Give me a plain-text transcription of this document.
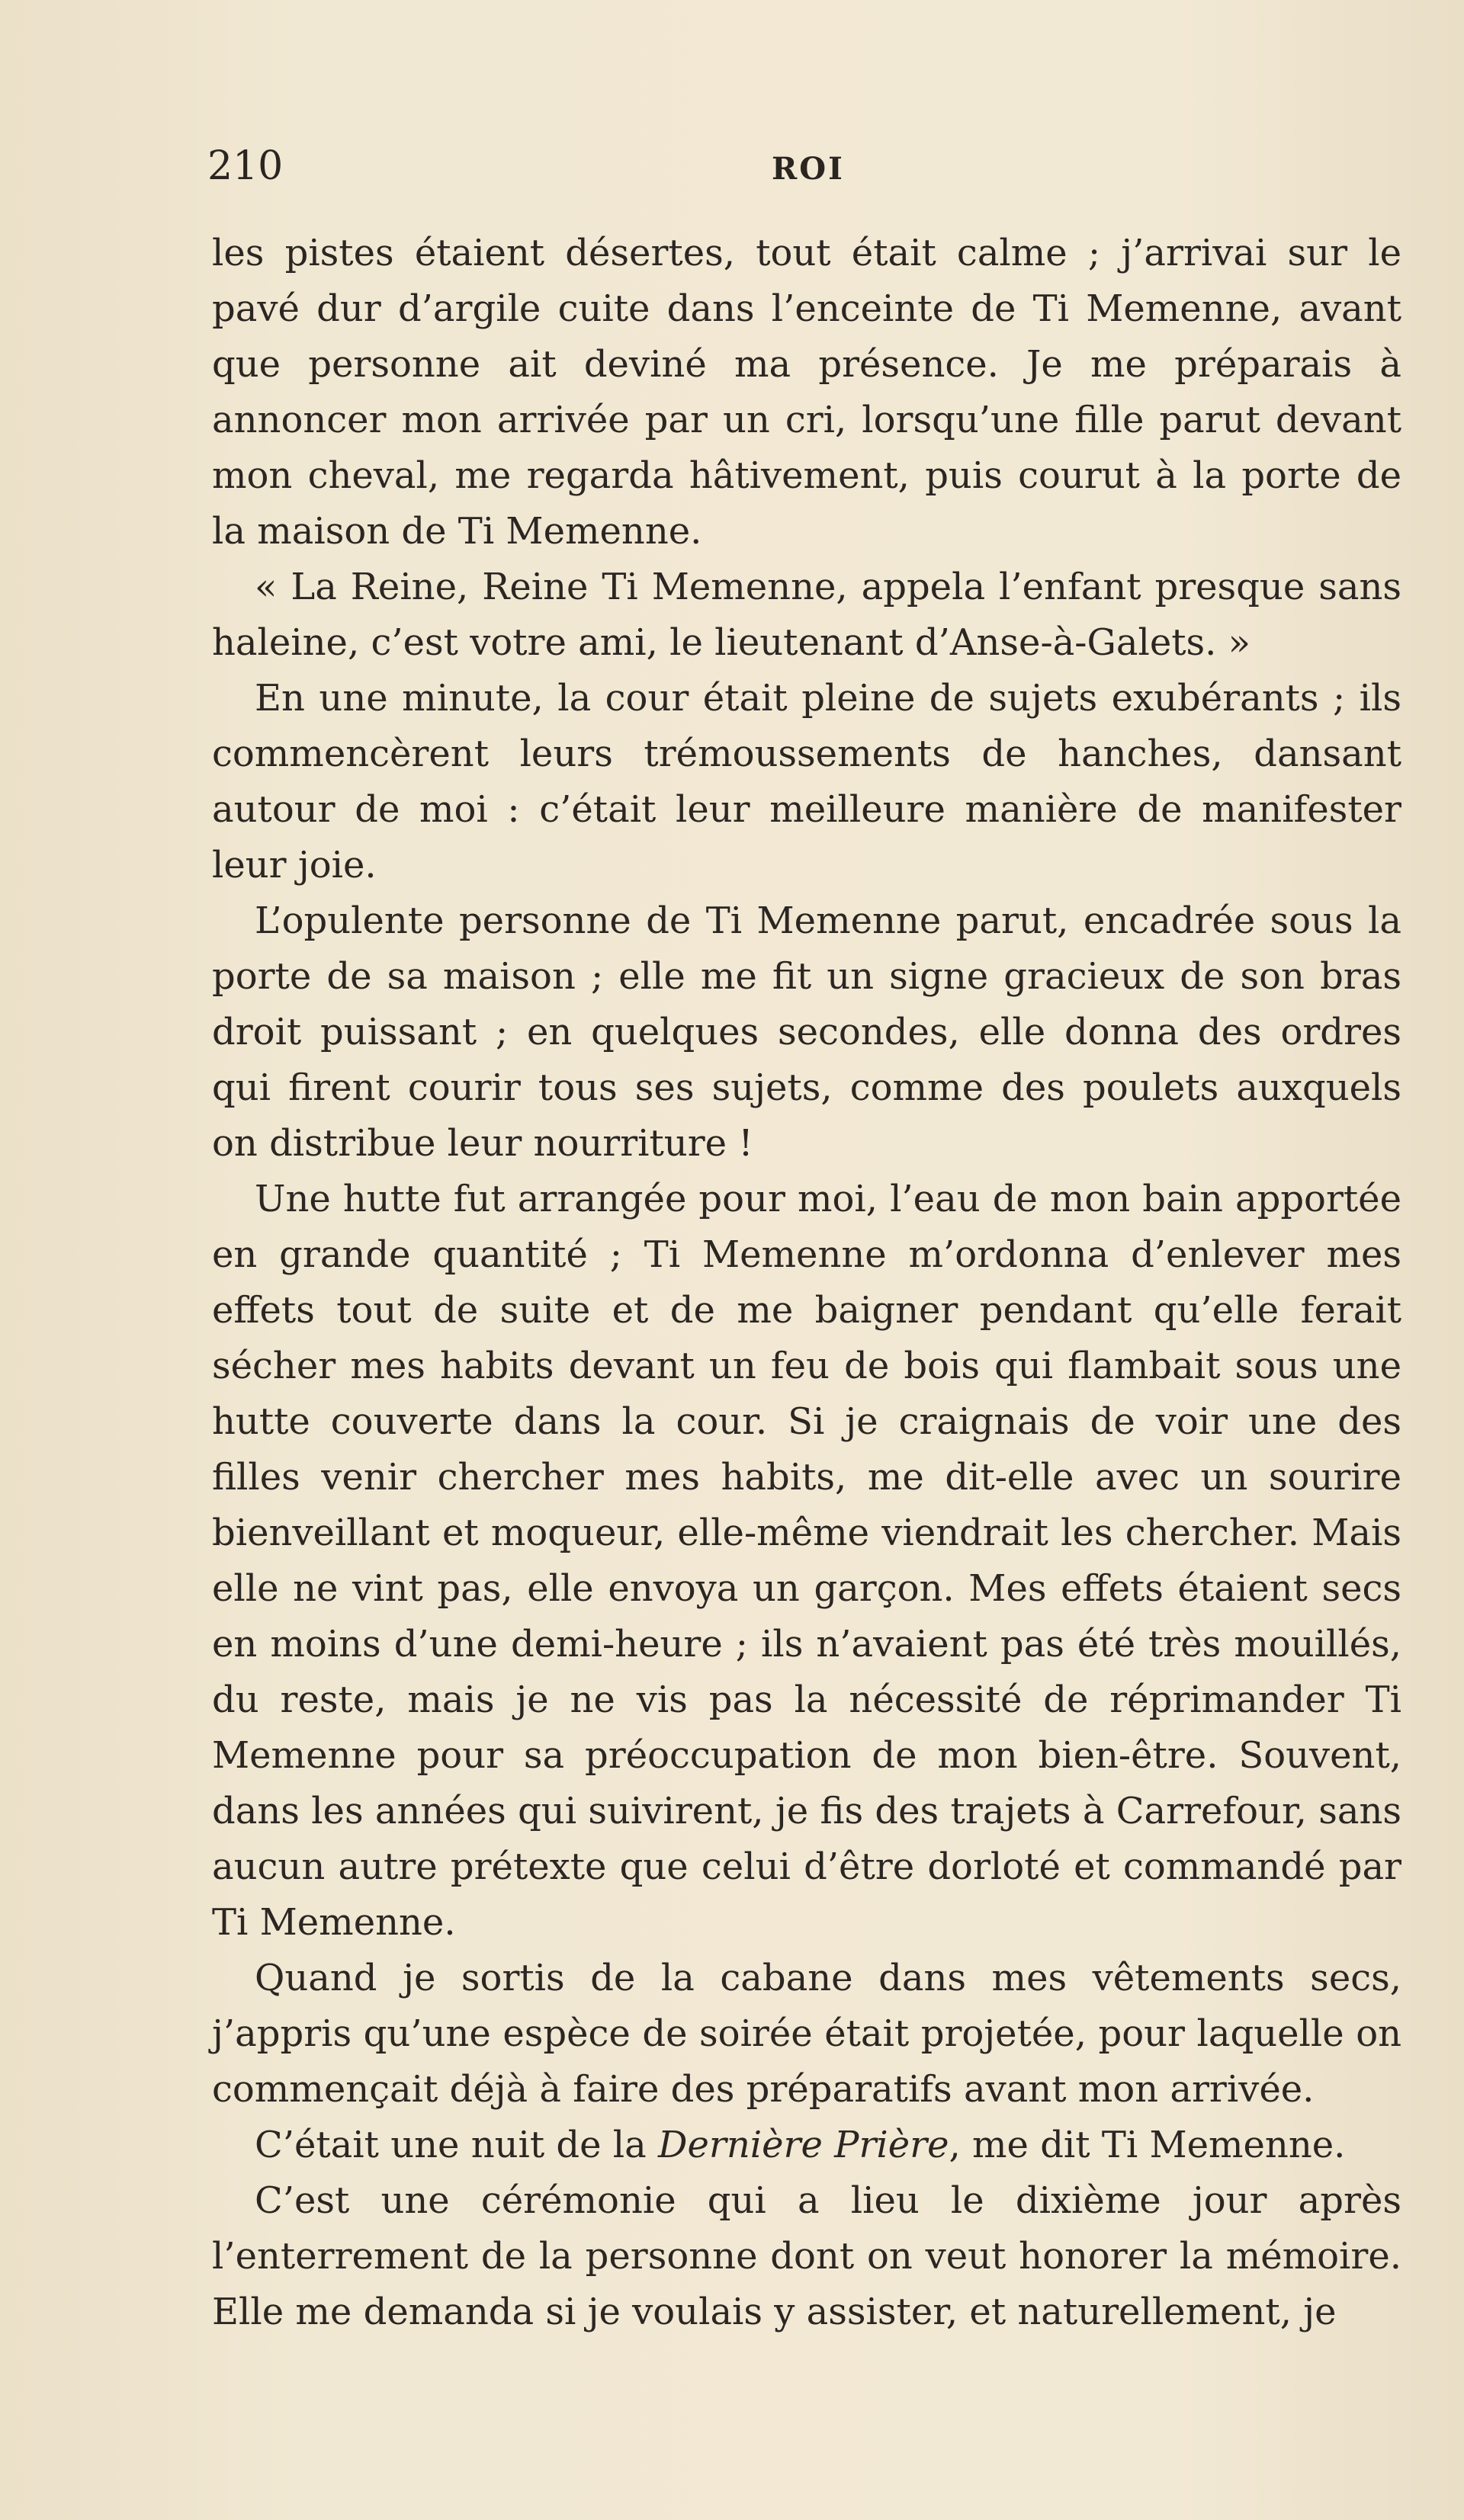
210	ROI

les pistes étaient désertes, tout était calme ; j’arrivai sur le pavé dur d’argile cuite dans l’enceinte de Ti Memenne, avant que personne ait deviné ma présence. Je me préparais à annoncer mon arrivée par un cri, lorsqu’une fille parut devant mon cheval, me regarda hâtivement, puis courut à la porte de la maison de Ti Memenne.

« La Reine, Reine Ti Memenne, appela l’enfant presque sans haleine, c’est votre ami, le lieutenant d’Anse-à-Galets. »

En une minute, la cour était pleine de sujets exubérants ; ils commencèrent leurs trémoussements de hanches, dansant autour de moi : c’était leur meilleure manière de manifester leur joie.

L’opulente personne de Ti Memenne parut, encadrée sous la porte de sa maison ; elle me fit un signe gracieux de son bras droit puissant ; en quelques secondes, elle donna des ordres qui firent courir tous ses sujets, comme des poulets auxquels on distribue leur nourriture !

Une hutte fut arrangée pour moi, l’eau de mon bain apportée en grande quantité ; Ti Memenne m’ordonna d’enlever mes effets tout de suite et de me baigner pendant qu’elle ferait sécher mes habits devant un feu de bois qui flambait sous une hutte couverte dans la cour. Si je craignais de voir une des filles venir chercher mes habits, me dit-elle avec un sourire bienveillant et moqueur, elle-même viendrait les chercher. Mais elle ne vint pas, elle envoya un garçon. Mes effets étaient secs en moins d’une demi-heure ; ils n’avaient pas été très mouillés, du reste, mais je ne vis pas la nécessité de réprimander Ti Memenne pour sa préoccupation de mon bien-être. Souvent, dans les années qui suivirent, je fis des trajets à Carrefour, sans aucun autre prétexte que celui d’être dorloté et commandé par Ti Memenne.

Quand je sortis de la cabane dans mes vêtements secs, j’appris qu’une espèce de soirée était projetée, pour laquelle on commençait déjà à faire des préparatifs avant mon arrivée.

C’était une nuit de la Dernière Prière, me dit Ti Memenne.

C’est une cérémonie qui a lieu le dixième jour après l’enterrement de la personne dont on veut honorer la mémoire. Elle me demanda si je voulais y assister, et naturellement, je
